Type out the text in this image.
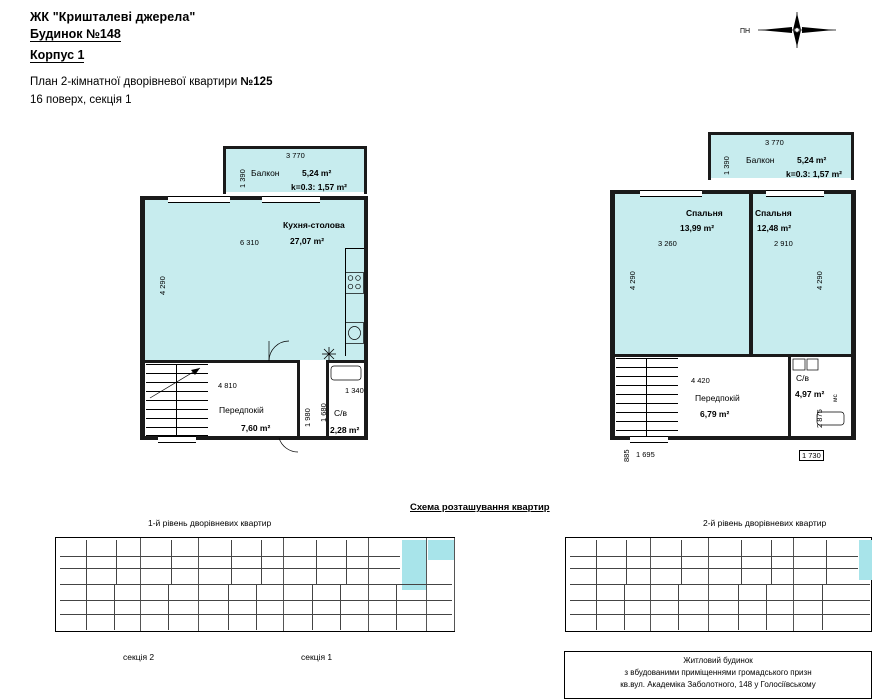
ЖК "Кришталеві джерела"
Будинок №148
Корпус 1
План 2-кімнатної дворівневої квартири №125
16 поверх, секція 1
ПН
3 770
1 390 Балкон	5,24 m²
k=0.3: 1,57 m²
Кухня-столова
27,07 m²
6 310
4 290
Передпокій
7,60 m²
4 810
1 980	С/в
2,28 m²
1 340
1 680
3 770
1 390 Балкон	5,24 m²
k=0.3: 1,57 m²
Спальня
13,99 m²
3 260
4 290
Спальня
12,48 m²
2 910
4 290
Передпокій
6,79 m²
4 420	С/в
4,97 m²
2 875
1 730
мс
885 1 695
Схема розташування квартир
1-й рівень дворівневих квартир
секція 2	секція 1
2-й рівень дворівневих квартир
Житловий будинок
з вбудованими приміщеннями громадського призн
кв.вул. Академіка Заболотного, 148 у Голосіївському
